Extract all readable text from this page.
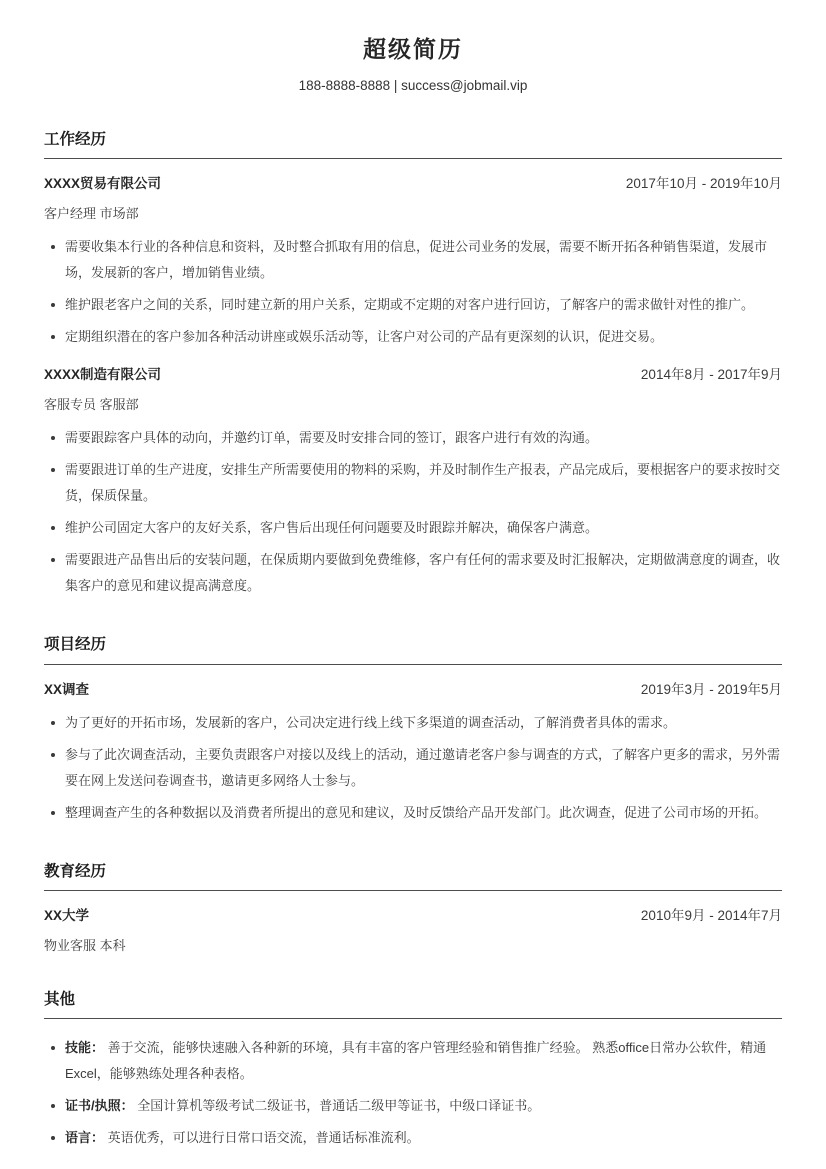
超级简历
188-8888-8888 | success@jobmail.vip
工作经历
XXXX贸易有限公司	2017年10月 - 2019年10月
客户经理 市场部
需要收集本行业的各种信息和资料，及时整合抓取有用的信息，促进公司业务的发展，需要不断开拓各种销售渠道，发展市场，发展新的客户，增加销售业绩。
维护跟老客户之间的关系，同时建立新的用户关系，定期或不定期的对客户进行回访，了解客户的需求做针对性的推广。
定期组织潜在的客户参加各种活动讲座或娱乐活动等，让客户对公司的产品有更深刻的认识，促进交易。
XXXX制造有限公司	2014年8月 - 2017年9月
客服专员 客服部
需要跟踪客户具体的动向，并邀约订单，需要及时安排合同的签订，跟客户进行有效的沟通。
需要跟进订单的生产进度，安排生产所需要使用的物料的采购，并及时制作生产报表，产品完成后，要根据客户的要求按时交货，保质保量。
维护公司固定大客户的友好关系，客户售后出现任何问题要及时跟踪并解决，确保客户满意。
需要跟进产品售出后的安装问题，在保质期内要做到免费维修，客户有任何的需求要及时汇报解决，定期做满意度的调查，收集客户的意见和建议提高满意度。
项目经历
XX调查	2019年3月 - 2019年5月
为了更好的开拓市场，发展新的客户，公司决定进行线上线下多渠道的调查活动，了解消费者具体的需求。
参与了此次调查活动，主要负责跟客户对接以及线上的活动，通过邀请老客户参与调查的方式，了解客户更多的需求，另外需要在网上发送问卷调查书，邀请更多网络人士参与。
整理调查产生的各种数据以及消费者所提出的意见和建议，及时反馈给产品开发部门。此次调查，促进了公司市场的开拓。
教育经历
XX大学	2010年9月 - 2014年7月
物业客服 本科
其他
技能： 善于交流，能够快速融入各种新的环境，具有丰富的客户管理经验和销售推广经验。 熟悉office日常办公软件，精通Excel，能够熟练处理各种表格。
证书/执照： 全国计算机等级考试二级证书，普通话二级甲等证书，中级口译证书。
语言： 英语优秀，可以进行日常口语交流，普通话标准流利。
